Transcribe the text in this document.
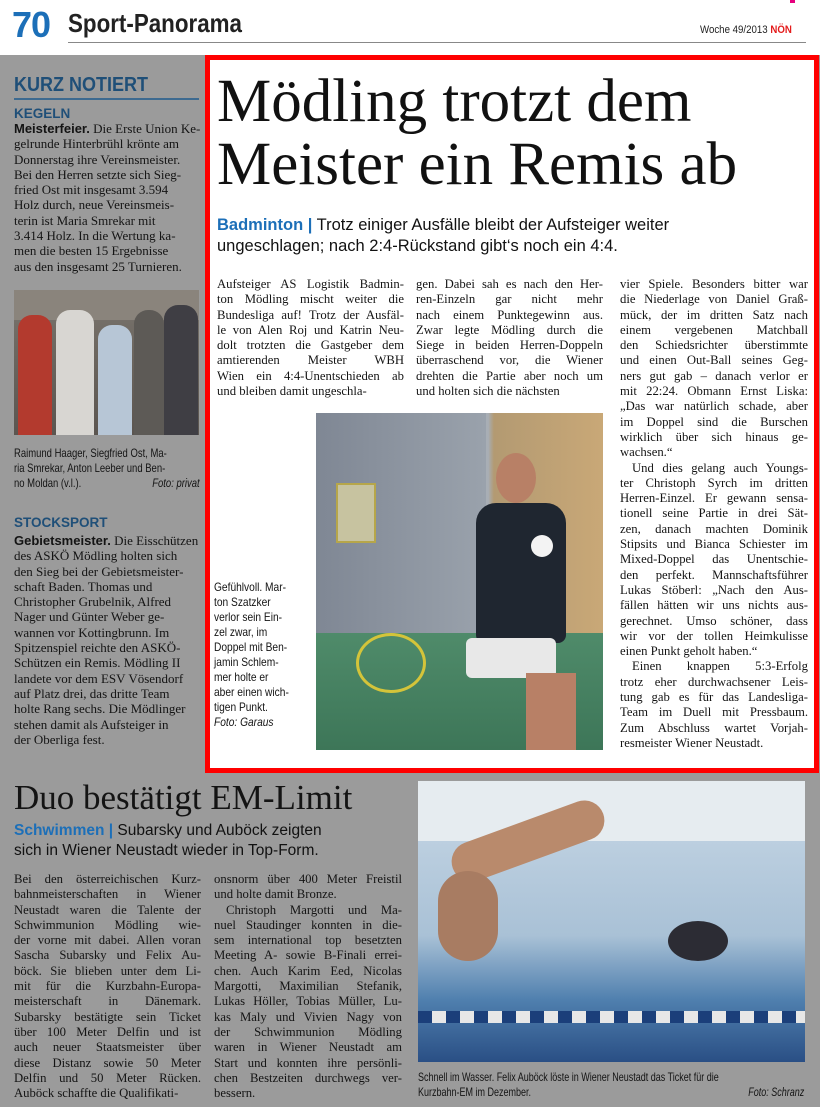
70 Sport-Panorama	Woche 49/2013 NÖN
KURZ NOTIERT
KEGELN
Meisterfeier. Die Erste Union Ke-
gelrunde Hinterbrühl krönte am
Donnerstag ihre Vereinsmeister.
Bei den Herren setzte sich Sieg-
fried Ost mit insgesamt 3.594
Holz durch, neue Vereinsmeis-
terin ist Maria Smrekar mit
3.414 Holz. In die Wertung ka-
men die besten 15 Ergebnisse
aus den insgesamt 25 Turnieren.
Raimund Haager, Siegfried Ost, Ma-
ria Smrekar, Anton Leeber und Ben-
no Moldan (v.l.).	Foto: privat
STOCKSPORT
Gebietsmeister. Die Eisschützen
des ASKÖ Mödling holten sich
den Sieg bei der Gebietsmeister-
schaft Baden. Thomas und
Christopher Grubelnik, Alfred
Nager und Günter Weber ge-
wannen vor Kottingbrunn. Im
Spitzenspiel reichte den ASKÖ-
Schützen ein Remis. Mödling II
landete vor dem ESV Vösendorf
auf Platz drei, das dritte Team
holte Rang sechs. Die Mödlinger
stehen damit als Aufsteiger in
der Oberliga fest.
Mödling trotzt dem
Meister ein Remis ab
Badminton | Trotz einiger Ausfälle bleibt der Aufsteiger weiter
ungeschlagen; nach 2:4-Rückstand gibt‘s noch ein 4:4.
Aufsteiger AS Logistik Badmin-
ton Mödling mischt weiter die
Bundesliga auf! Trotz der Ausfäl-
le von Alen Roj und Katrin Neu-
dolt trotzten die Gastgeber dem
amtierenden Meister WBH
Wien ein 4:4-Unentschieden ab
und bleiben damit ungeschla-
gen. Dabei sah es nach den Her-
ren-Einzeln gar nicht mehr
nach einem Punktegewinn aus.
Zwar legte Mödling durch die
Siege in beiden Herren-Doppeln
überraschend vor, die Wiener
drehten die Partie aber noch um
und holten sich die nächsten
vier Spiele. Besonders bitter war
die Niederlage von Daniel Graß-
mück, der im dritten Satz nach
einem vergebenen Matchball
den Schiedsrichter überstimmte
und einen Out-Ball seines Geg-
ners gut gab – danach verlor er
mit 22:24. Obmann Ernst Liska:
„Das war natürlich schade, aber
im Doppel sind die Burschen
wirklich über sich hinaus ge-
wachsen.“
Und dies gelang auch Youngs-
ter Christoph Syrch im dritten
Herren-Einzel. Er gewann sensa-
tionell seine Partie in drei Sät-
zen, danach machten Dominik
Stipsits und Bianca Schiester im
Mixed-Doppel das Unentschie-
den perfekt. Mannschaftsführer
Lukas Stöberl: „Nach den Aus-
fällen hätten wir uns nichts aus-
gerechnet. Umso schöner, dass
wir vor der tollen Heimkulisse
einen Punkt geholt haben.“
Einen knappen 5:3-Erfolg
trotz eher durchwachsener Leis-
tung gab es für das Landesliga-
Team im Duell mit Pressbaum.
Zum Abschluss wartet Vorjah-
resmeister Wiener Neustadt.
Gefühlvoll. Mar-
ton Szatzker
verlor sein Ein-
zel zwar, im
Doppel mit Ben-
jamin Schlem-
mer holte er
aber einen wich-
tigen Punkt.
Foto: Garaus
Duo bestätigt EM-Limit
Schwimmen | Subarsky und Auböck zeigten
sich in Wiener Neustadt wieder in Top-Form.
Bei den österreichischen Kurz-
bahnmeisterschaften in Wiener
Neustadt waren die Talente der
Schwimmunion Mödling wie-
der vorne mit dabei. Allen voran
Sascha Subarsky und Felix Au-
böck. Sie blieben unter dem Li-
mit für die Kurzbahn-Europa-
meisterschaft in Dänemark.
Subarsky bestätigte sein Ticket
über 100 Meter Delfin und ist
auch neuer Staatsmeister über
diese Distanz sowie 50 Meter
Delfin und 50 Meter Rücken.
Auböck schaffte die Qualifikati-
onsnorm über 400 Meter Freistil
und holte damit Bronze.
Christoph Margotti und Ma-
nuel Staudinger konnten in die-
sem international top besetzten
Meeting A- sowie B-Finali errei-
chen. Auch Karim Eed, Nicolas
Margotti, Maximilian Stefanik,
Lukas Höller, Tobias Müller, Lu-
kas Maly und Vivien Nagy von
der Schwimmunion Mödling
waren in Wiener Neustadt am
Start und konnten ihre persönli-
chen Bestzeiten durchwegs ver-
bessern.
Schnell im Wasser. Felix Auböck löste in Wiener Neustadt das Ticket für die
Kurzbahn-EM im Dezember.	Foto: Schranz
